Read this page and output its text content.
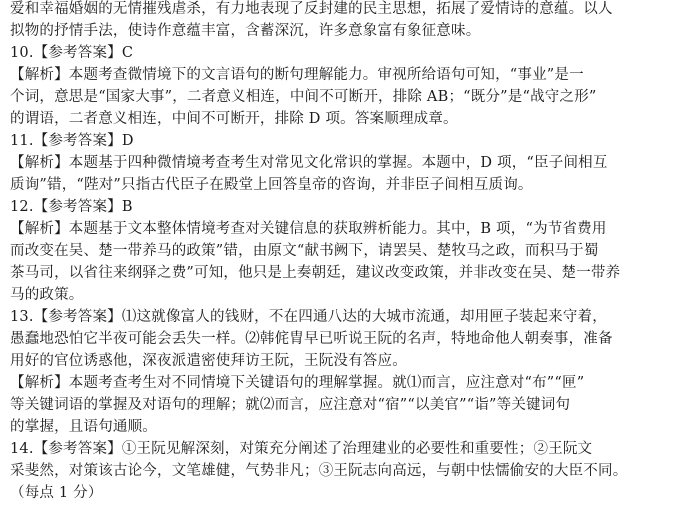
爱和幸福婚姻的无情摧残虐杀，有力地表现了反封建的民主思想，拓展了爱情诗的意蕴。以人
拟物的抒情手法，使诗作意蕴丰富，含蓄深沉，许多意象富有象征意味。
10.【参考答案】C
【解析】本题考查微情境下的文言语句的断句理解能力。审视所给语句可知，“事业”是一
个词，意思是“国家大事”，二者意义相连，中间不可断开，排除 AB；“既分”是“战守之形”
的谓语，二者意义相连，中间不可断开，排除 D 项。答案顺理成章。
11.【参考答案】D
【解析】本题基于四种微情境考查考生对常见文化常识的掌握。本题中，D 项，“臣子间相互
质询”错，“陛对”只指古代臣子在殿堂上回答皇帝的咨询，并非臣子间相互质询。
12.【参考答案】B
【解析】本题基于文本整体情境考查对关键信息的获取辨析能力。其中，B 项，“为节省费用
而改变在吴、楚一带养马的政策”错，由原文“献书阙下，请罢吴、楚牧马之政，而积马于蜀
茶马司，以省往来纲驿之费”可知，他只是上奏朝廷，建议改变政策，并非改变在吴、楚一带养
马的政策。
13.【参考答案】⑴这就像富人的钱财，不在四通八达的大城市流通，却用匣子装起来守着，
愚蠢地恐怕它半夜可能会丢失一样。⑵韩侂胄早已听说王阮的名声，特地命他人朝奏事，准备
用好的官位诱惑他，深夜派遣密使拜访王阮，王阮没有答应。
【解析】本题考查考生对不同情境下关键语句的理解掌握。就⑴而言，应注意对“布”“匣”
等关键词语的掌握及对语句的理解；就⑵而言，应注意对“宿”“以美官”“诣”等关键词句
的掌握，且语句通顺。
14.【参考答案】①王阮见解深刻，对策充分阐述了治理建业的必要性和重要性；②王阮文
采斐然，对策该古论今，文笔雄健，气势非凡；③王阮志向高远，与朝中怯懦偷安的大臣不同。
（每点 1 分）
